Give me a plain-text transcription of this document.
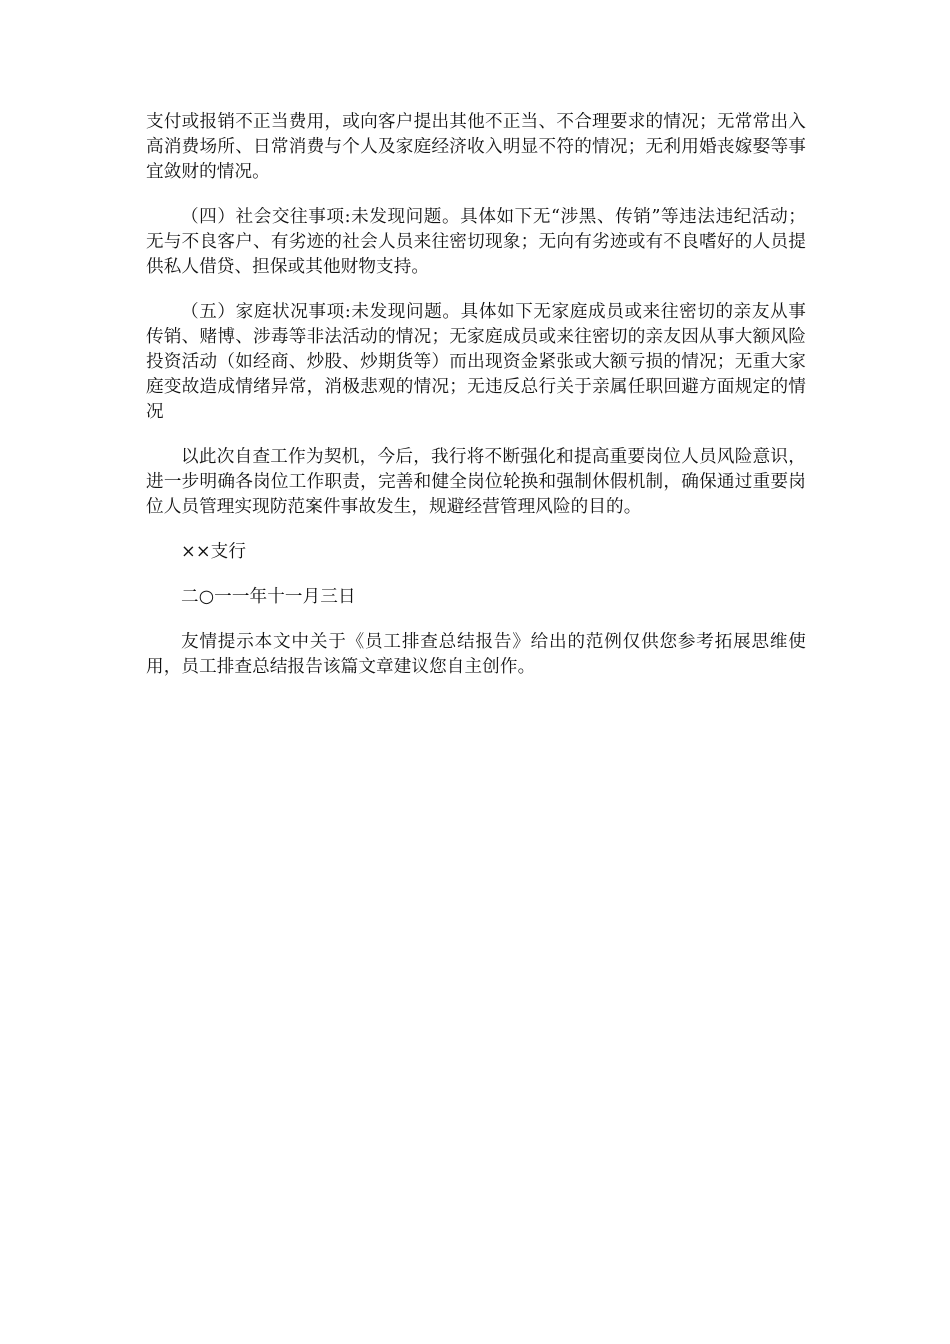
支付或报销不正当费用，或向客户提出其他不正当、不合理要求的情况；无常常出入高消费场所、日常消费与个人及家庭经济收入明显不符的情况；无利用婚丧嫁娶等事宜敛财的情况。

（四）社会交往事项:未发现问题。具体如下无“涉黑、传销”等违法违纪活动；无与不良客户、有劣迹的社会人员来往密切现象；无向有劣迹或有不良嗜好的人员提供私人借贷、担保或其他财物支持。

（五）家庭状况事项:未发现问题。具体如下无家庭成员或来往密切的亲友从事传销、赌博、涉毒等非法活动的情况；无家庭成员或来往密切的亲友因从事大额风险投资活动（如经商、炒股、炒期货等）而出现资金紧张或大额亏损的情况；无重大家庭变故造成情绪异常，消极悲观的情况；无违反总行关于亲属任职回避方面规定的情况

以此次自查工作为契机，今后，我行将不断强化和提高重要岗位人员风险意识，进一步明确各岗位工作职责，完善和健全岗位轮换和强制休假机制，确保通过重要岗位人员管理实现防范案件事故发生，规避经营管理风险的目的。

××支行

二○一一年十一月三日

友情提示本文中关于《员工排查总结报告》给出的范例仅供您参考拓展思维使用，员工排查总结报告该篇文章建议您自主创作。
